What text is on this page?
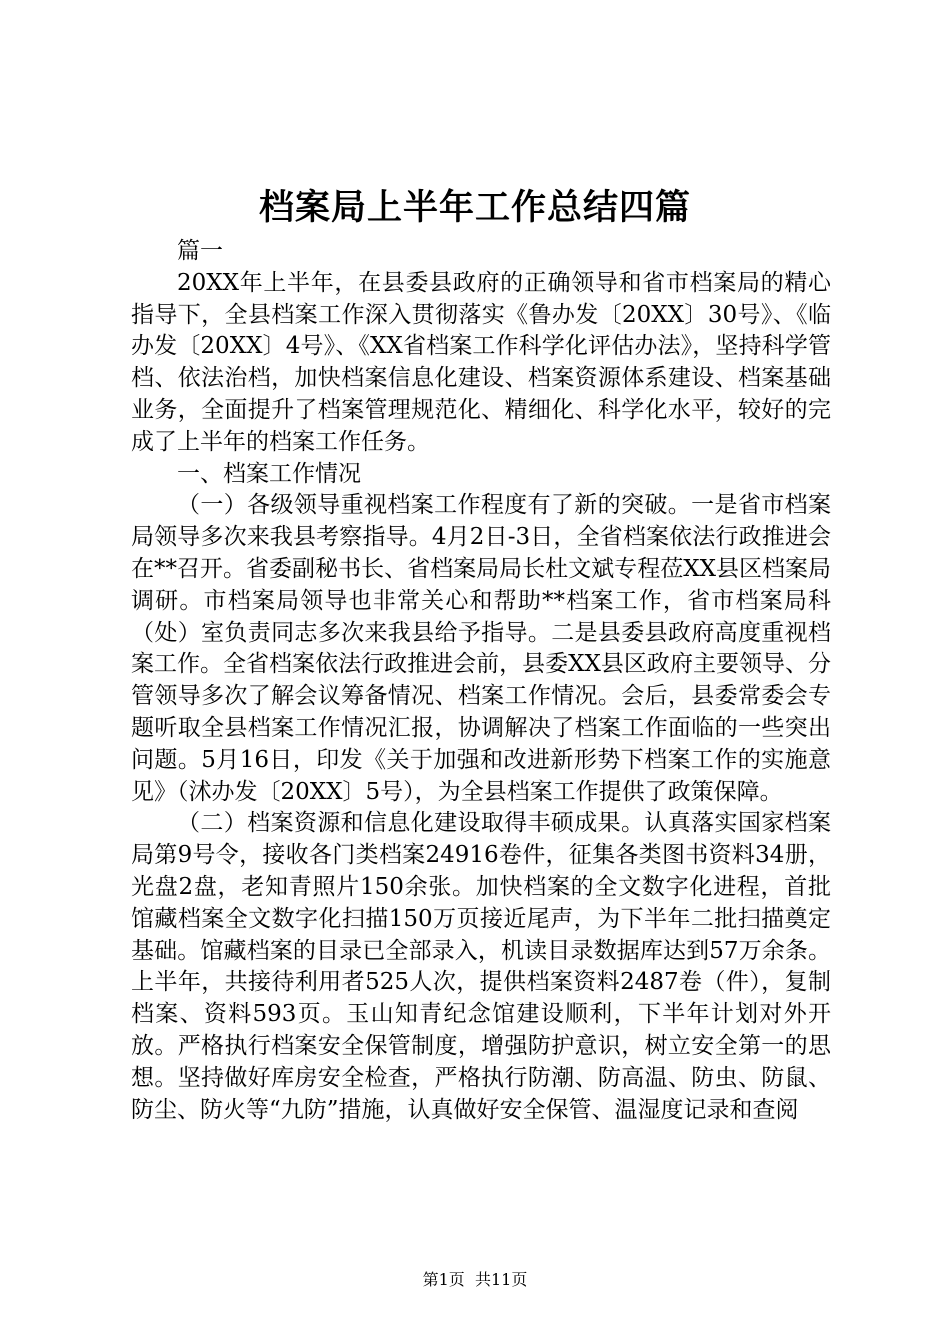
档案局上半年工作总结四篇

篇一

20XX年上半年，在县委县政府的正确领导和省市档案局的精心指导下，全县档案工作深入贯彻落实《鲁办发〔20XX〕30号》、《临办发〔20XX〕4号》、《XX省档案工作科学化评估办法》，坚持科学管档、依法治档，加快档案信息化建设、档案资源体系建设、档案基础业务，全面提升了档案管理规范化、精细化、科学化水平，较好的完成了上半年的档案工作任务。

一、档案工作情况

（一）各级领导重视档案工作程度有了新的突破。一是省市档案局领导多次来我县考察指导。4月2日-3日，全省档案依法行政推进会在**召开。省委副秘书长、省档案局局长杜文斌专程莅XX县区档案局调研。市档案局领导也非常关心和帮助**档案工作，省市档案局科（处）室负责同志多次来我县给予指导。二是县委县政府高度重视档案工作。全省档案依法行政推进会前，县委XX县区政府主要领导、分管领导多次了解会议筹备情况、档案工作情况。会后，县委常委会专题听取全县档案工作情况汇报，协调解决了档案工作面临的一些突出问题。5月16日，印发《关于加强和改进新形势下档案工作的实施意见》（沭办发〔20XX〕5号），为全县档案工作提供了政策保障。

（二）档案资源和信息化建设取得丰硕成果。认真落实国家档案局第9号令，接收各门类档案24916卷件，征集各类图书资料34册，光盘2盘，老知青照片150余张。加快档案的全文数字化进程，首批馆藏档案全文数字化扫描150万页接近尾声，为下半年二批扫描奠定基础。馆藏档案的目录已全部录入，机读目录数据库达到57万余条。上半年，共接待利用者525人次，提供档案资料2487卷（件），复制档案、资料593页。玉山知青纪念馆建设顺利，下半年计划对外开放。严格执行档案安全保管制度，增强防护意识，树立安全第一的思想。坚持做好库房安全检查，严格执行防潮、防高温、防虫、防鼠、防尘、防火等“九防”措施，认真做好安全保管、温湿度记录和查阅

第1页 共11页
